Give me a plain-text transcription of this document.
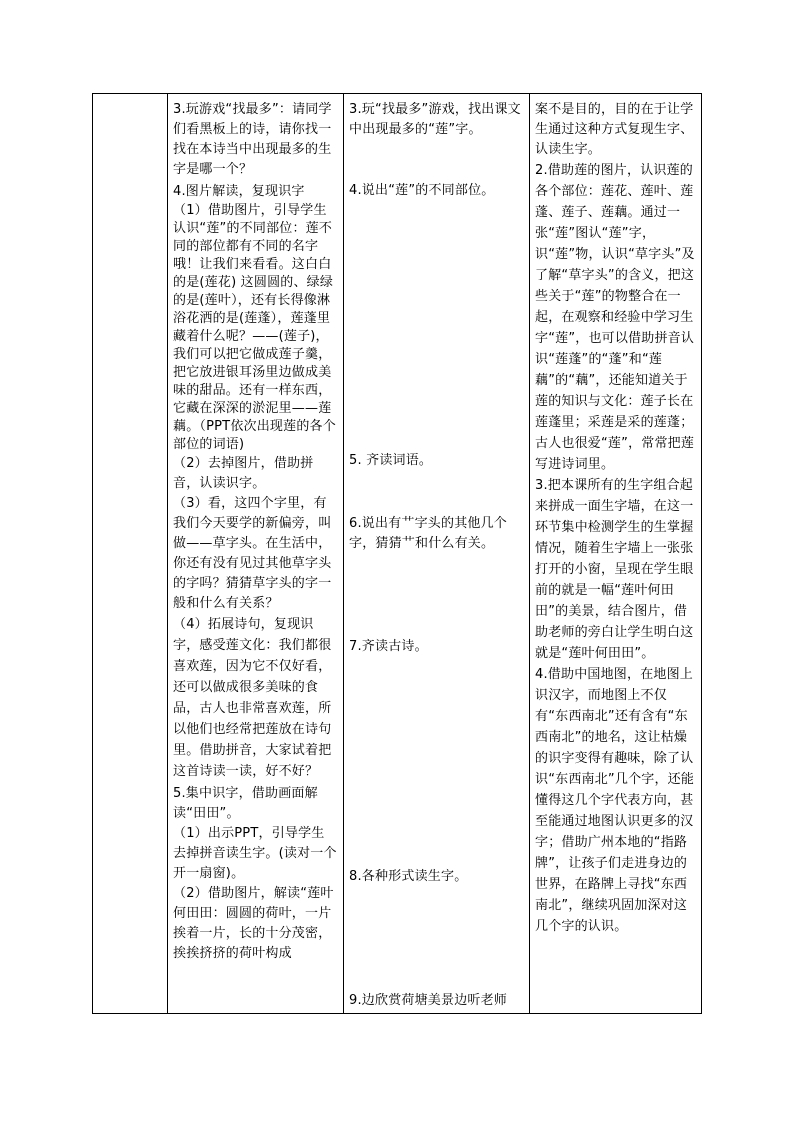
3.玩游戏“找最多”：请同学们看黑板上的诗，请你找一找在本诗当中出现最多的生字是哪一个？

4.图片解读，复现识字

（1）借助图片，引导学生认识“莲”的不同部位：莲不同的部位都有不同的名字哦！让我们来看看。这白白的是(莲花) 这圆圆的、绿绿的是(莲叶），还有长得像淋浴花洒的是(莲蓬），莲蓬里藏着什么呢？——(莲子)，我们可以把它做成莲子羹，把它放进银耳汤里边做成美味的甜品。还有一样东西，它藏在深深的淤泥里——莲藕。（PPT依次出现莲的各个部位的词语)

（2）去掉图片，借助拼音，认读识字。

（3）看，这四个字里，有我们今天要学的新偏旁，叫做——草字头。在生活中，你还有没有见过其他草字头的字吗？猜猜草字头的字一般和什么有关系？

（4）拓展诗句，复现识字，感受莲文化：我们都很喜欢莲，因为它不仅好看，还可以做成很多美味的食品，古人也非常喜欢莲，所以他们也经常把莲放在诗句里。借助拼音，大家试着把这首诗读一读，好不好？

5.集中识字，借助画面解读“田田”。

（1）出示PPT，引导学生去掉拼音读生字。(读对一个开一扇窗)。

（2）借助图片，解读“莲叶何田田：圆圆的荷叶，一片挨着一片，长的十分茂密，挨挨挤挤的荷叶构成

3.玩“找最多”游戏，找出课文中出现最多的“莲”字。

4.说出“莲”的不同部位。

5. 齐读词语。

6.说出有艹字头的其他几个字，猜猜艹和什么有关。

7.齐读古诗。

8.各种形式读生字。

9.边欣赏荷塘美景边听老师

案不是目的，目的在于让学生通过这种方式复现生字、认读生字。

2.借助莲的图片，认识莲的各个部位：莲花、莲叶、莲蓬、莲子、莲藕。通过一张“莲”图认“莲”字，识“莲”物，认识“草字头”及了解“草字头”的含义，把这些关于“莲”的物整合在一起，在观察和经验中学习生字“莲”，也可以借助拼音认识“莲蓬”的“蓬”和“莲藕”的“藕”，还能知道关于莲的知识与文化：莲子长在莲蓬里；采莲是采的莲蓬；古人也很爱“莲”，常常把莲写进诗词里。

3.把本课所有的生字组合起来拼成一面生字墙，在这一环节集中检测学生的生掌握情况，随着生字墙上一张张打开的小窗，呈现在学生眼前的就是一幅“莲叶何田田”的美景，结合图片，借助老师的旁白让学生明白这就是“莲叶何田田”。

4.借助中国地图，在地图上识汉字，而地图上不仅有“东西南北”还有含有“东西南北”的地名，这让枯燥的识字变得有趣味，除了认识“东西南北”几个字，还能懂得这几个字代表方向，甚至能通过地图认识更多的汉字；借助广州本地的“指路牌”，让孩子们走进身边的世界，在路牌上寻找“东西南北”，继续巩固加深对这几个字的认识。
